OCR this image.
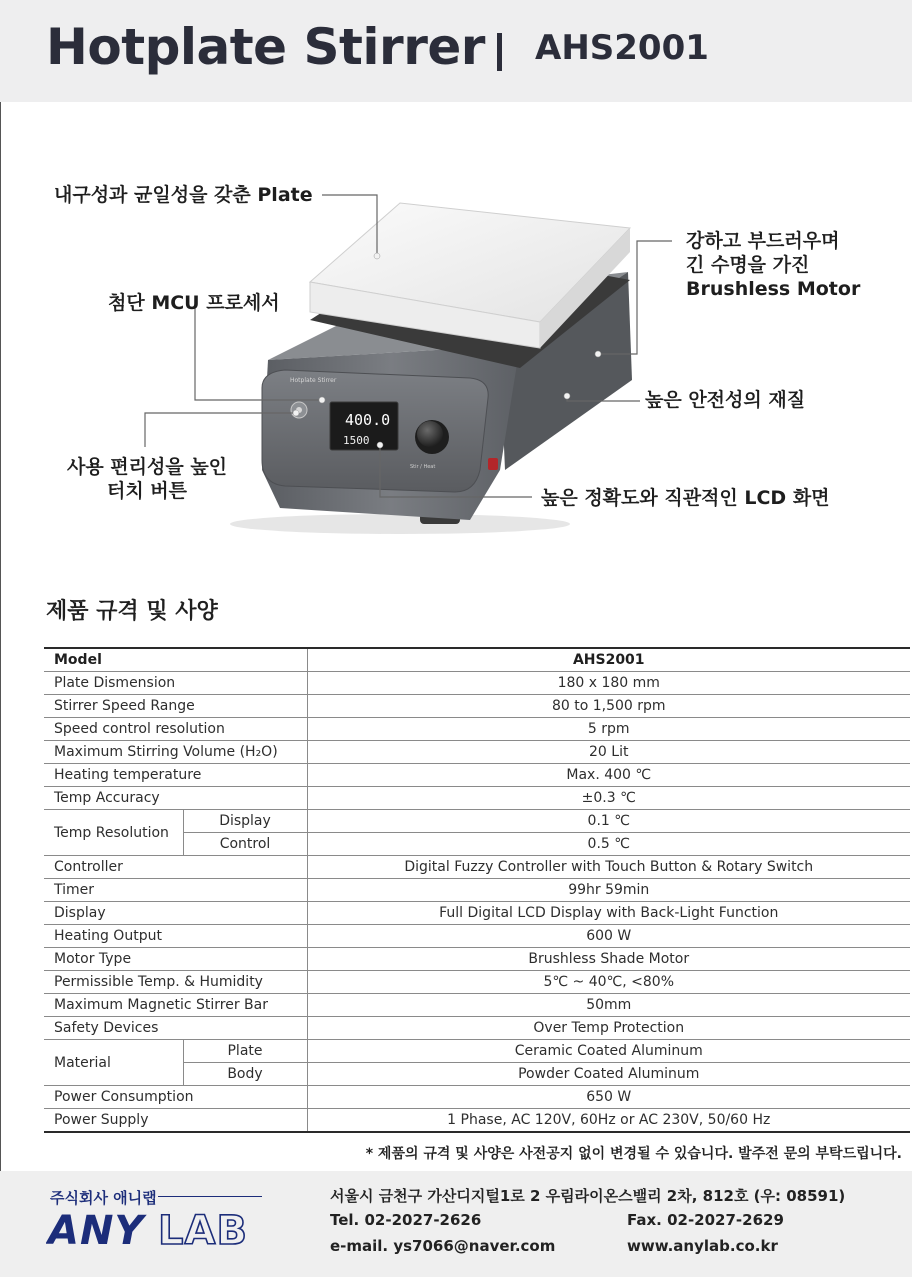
Hotplate Stirrer AHS2001
Hotplate Stirrer
400.0
1500
Stir / Heat
내구성과 균일성을 갖춘 Plate
첨단 MCU 프로세서
사용 편리성을 높인
터치 버튼
강하고 부드러우며
긴 수명을 가진
Brushless Motor
높은 안전성의 재질
높은 정확도와 직관적인 LCD 화면
제품 규격 및 사양
Model		AHS2001
Plate Dismension		180 x 180 mm
Stirrer Speed Range		80 to 1,500 rpm
Speed control resolution		5 rpm
Maximum Stirring Volume (H₂O)		20 Lit
Heating temperature		Max. 400 ℃
Temp Accuracy		±0.3 ℃
Temp Resolution	Display	0.1 ℃
	Control	0.5 ℃
Controller		Digital Fuzzy Controller with Touch Button & Rotary Switch
Timer		99hr 59min
Display		Full Digital LCD Display with Back-Light Function
Heating Output		600 W
Motor Type		Brushless Shade Motor
Permissible Temp. & Humidity		5℃ ~ 40℃, <80%
Maximum Magnetic Stirrer Bar		50mm
Safety Devices		Over Temp Protection
Material	Plate	Ceramic Coated Aluminum
	Body	Powder Coated Aluminum
Power Consumption		650 W
Power Supply		1 Phase, AC 120V, 60Hz or AC 230V, 50/60 Hz
* 제품의 규격 및 사양은 사전공지 없이 변경될 수 있습니다. 발주전 문의 부탁드립니다.
주식회사 애니랩
ANY LAB
서울시 금천구 가산디지털1로 2 우림라이온스밸리 2차, 812호 (우: 08591)
Tel. 02-2027-2626	Fax. 02-2027-2629
e-mail. ys7066@naver.com	www.anylab.co.kr
